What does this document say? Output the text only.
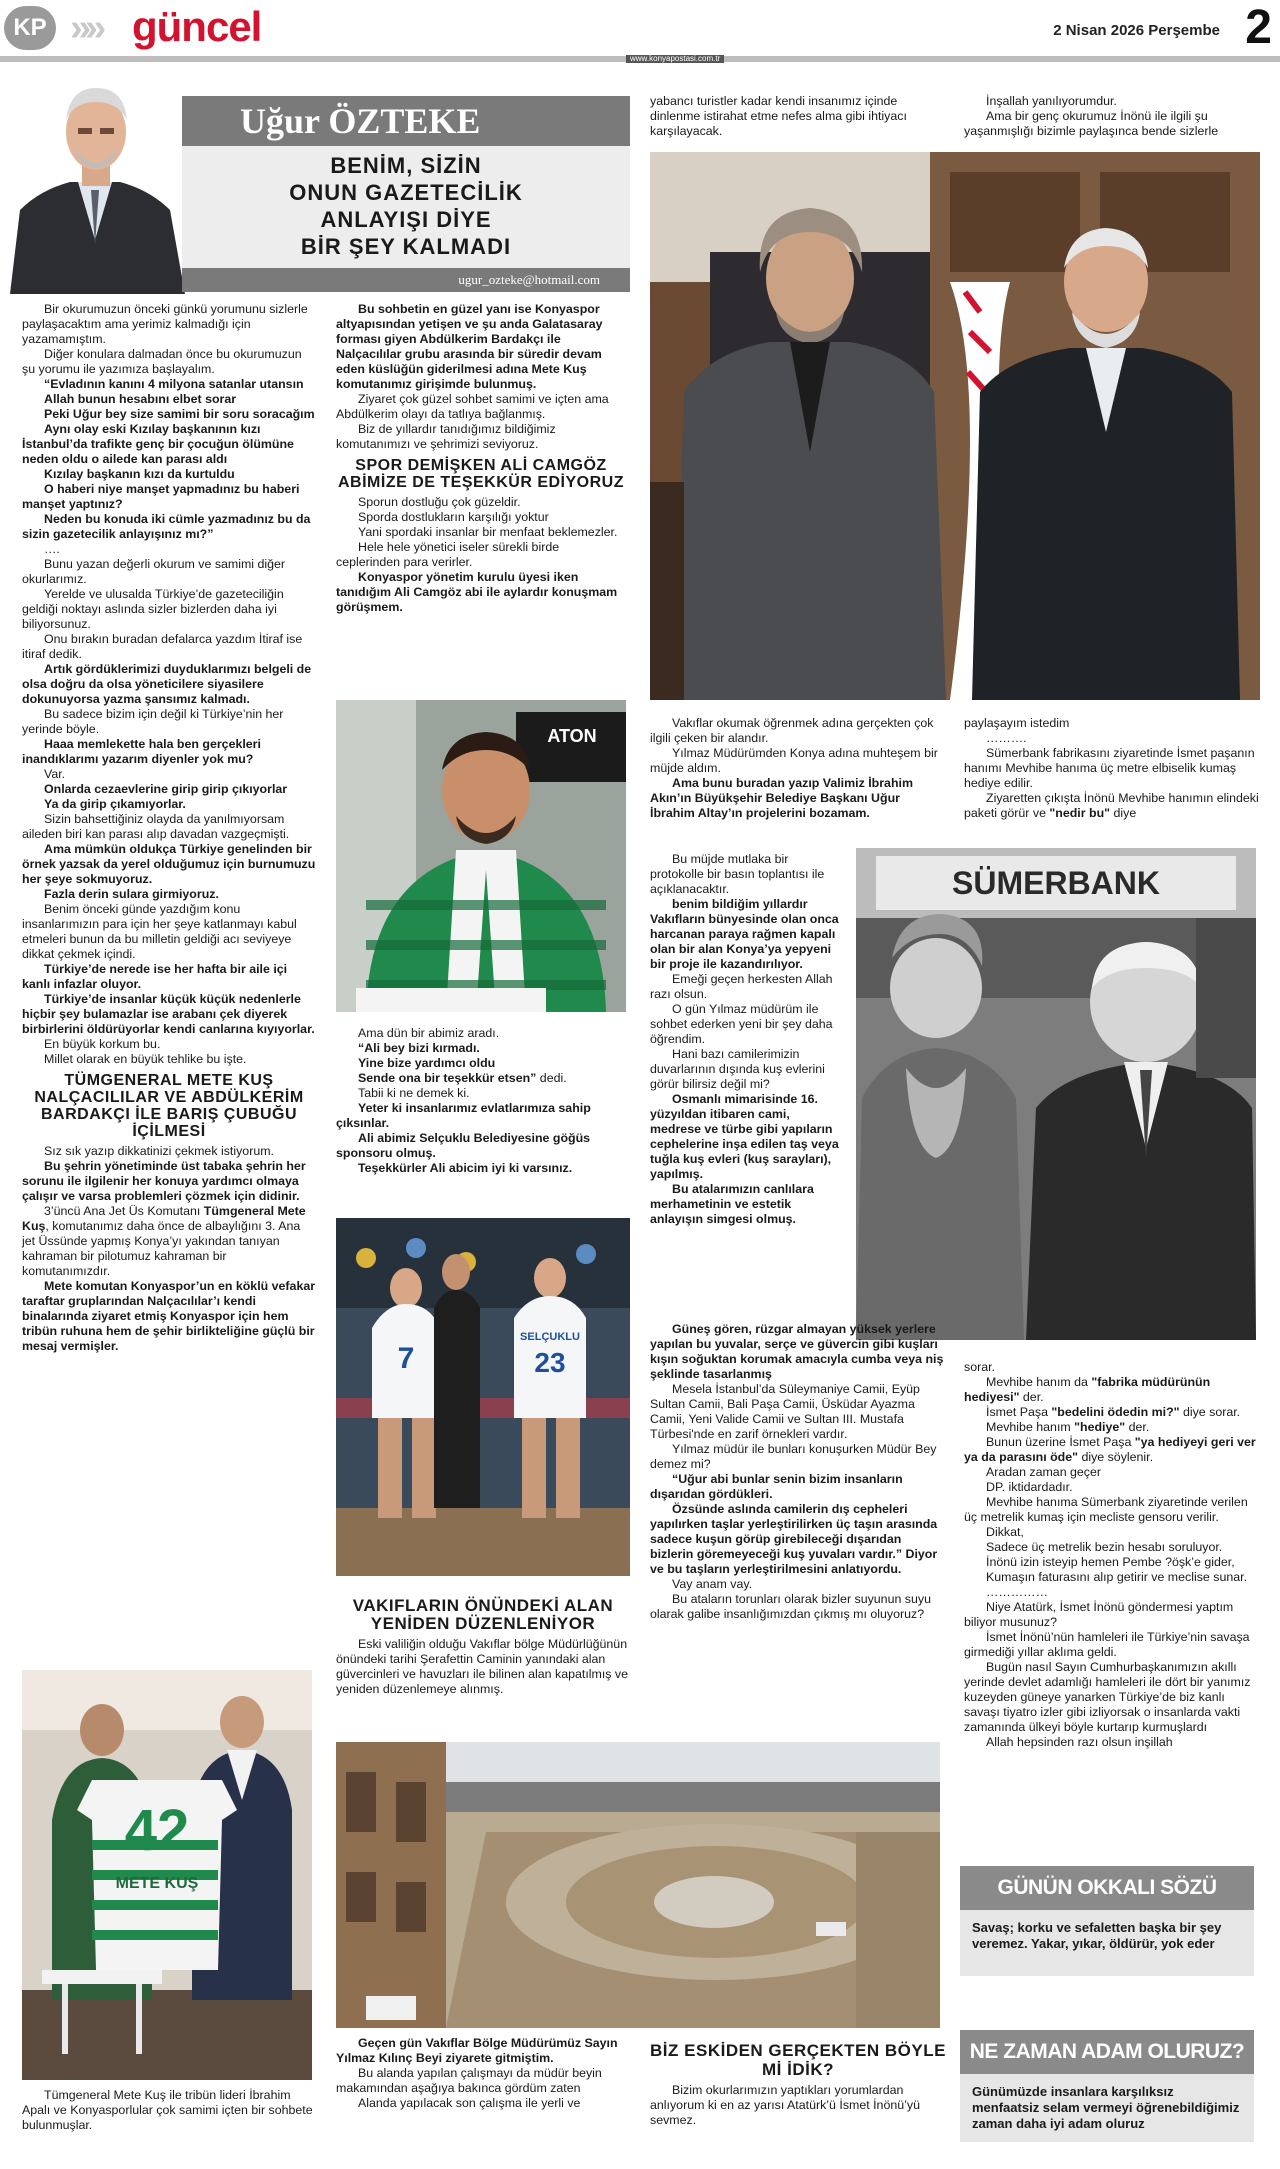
KP »» güncel	2 Nisan 2026 Perşembe 2
www.konyapostasi.com.tr
Uğur ÖZTEKE
BENİM, SİZİN
ONUN GAZETECİLİK
ANLAYIŞI DİYE
BİR ŞEY KALMADI
ugur_ozteke@hotmail.com

Bir okurumuzun önceki günkü yorumunu sizlerle paylaşacaktım ama yerimiz kalmadığı için yazamamıştım.

Diğer konulara dalmadan önce bu okurumuzun şu yorumu ile yazımıza başlayalım.

“Evladının kanını 4 milyona satanlar utansın

Allah bunun hesabını elbet sorar

Peki Uğur bey size samimi bir soru soracağım

Aynı olay eski Kızılay başkanının kızı İstanbul’da trafikte genç bir çocuğun ölümüne neden oldu o ailede kan parası aldı

Kızılay başkanın kızı da kurtuldu

O haberi niye manşet yapmadınız bu haberi manşet yaptınız?

Neden bu konuda iki cümle yazmadınız bu da sizin gazetecilik anlayışınız mı?”

….

Bunu yazan değerli okurum ve samimi diğer okurlarımız.

Yerelde ve ulusalda Türkiye’de gazeteciliğin geldiği noktayı aslında sizler bizlerden daha iyi biliyorsunuz.

Onu bırakın buradan defalarca yazdım İtiraf ise itiraf dedik.

Artık gördüklerimizi duyduklarımızı belgeli de olsa doğru da olsa yöneticilere siyasilere dokunuyorsa yazma şansımız kalmadı.

Bu sadece bizim için değil ki Türkiye’nin her yerinde böyle.

Haaa memlekette hala ben gerçekleri inandıklarımı yazarım diyenler yok mu?

Var.

Onlarda cezaevlerine girip girip çıkıyorlar

Ya da girip çıkamıyorlar.

Sizin bahsettiğiniz olayda da yanılmıyorsam aileden biri kan parası alıp davadan vazgeçmişti.

Ama mümkün oldukça Türkiye genelinden bir örnek yazsak da yerel olduğumuz için burnumuzu her şeye sokmuyoruz.

Fazla derin sulara girmiyoruz.

Benim önceki günde yazdığım konu insanlarımızın para için her şeye katlanmayı kabul etmeleri bunun da bu milletin geldiği acı seviyeye dikkat çekmek içindi.

Türkiye’de nerede ise her hafta bir aile içi kanlı infazlar oluyor.

Türkiye’de insanlar küçük küçük nedenlerle hiçbir şey bulamazlar ise arabanı çek diyerek birbirlerini öldürüyorlar kendi canlarına kıyıyorlar.

En büyük korkum bu.

Millet olarak en büyük tehlike bu işte.

TÜMGENERAL METE KUŞ NALÇACILILAR VE ABDÜLKERİM BARDAKÇI İLE BARIŞ ÇUBUĞU İÇİLMESİ

Sız sık yazıp dikkatinizi çekmek istiyorum.

Bu şehrin yönetiminde üst tabaka şehrin her sorunu ile ilgilenir her konuya yardımcı olmaya çalışır ve varsa problemleri çözmek için didinir.

3’üncü Ana Jet Üs Komutanı Tümgeneral Mete Kuş, komutanımız daha önce de albaylığını 3. Ana jet Üssünde yapmış Konya’yı yakından tanıyan kahraman bir pilotumuz kahraman bir komutanımızdır.

Mete komutan Konyaspor’un en köklü vefakar taraftar gruplarından Nalçacılılar’ı kendi binalarında ziyaret etmiş Konyaspor için hem tribün ruhuna hem de şehir birlikteliğine güçlü bir mesaj vermişler.

42
METE KUŞ
Tümgeneral Mete Kuş ile tribün lideri İbrahim Apalı ve Konyasporlular çok samimi içten bir sohbete bulunmuşlar.

Bu sohbetin en güzel yanı ise Konyaspor altyapısından yetişen ve şu anda Galatasaray forması giyen Abdülkerim Bardakçı ile Nalçacılılar grubu arasında bir süredir devam eden küslüğün giderilmesi adına Mete Kuş komutanımız girişimde bulunmuş.

Ziyaret çok güzel sohbet samimi ve içten ama Abdülkerim olayı da tatlıya bağlanmış.

Biz de yıllardır tanıdığımız bildiğimiz komutanımızı ve şehrimizi seviyoruz.

SPOR DEMİŞKEN ALİ CAMGÖZ ABİMİZE DE TEŞEKKÜR EDİYORUZ

Sporun dostluğu çok güzeldir.

Sporda dostlukların karşılığı yoktur

Yani spordaki insanlar bir menfaat beklemezler.

Hele hele yönetici iseler sürekli birde ceplerinden para verirler.

Konyaspor yönetim kurulu üyesi iken tanıdığım Ali Camgöz abi ile aylardır konuşmam görüşmem.

ATON

Ama dün bir abimiz aradı.

“Ali bey bizi kırmadı.

Yine bize yardımcı oldu

Sende ona bir teşekkür etsen” dedi.

Tabii ki ne demek ki.

Yeter ki insanlarımız evlatlarımıza sahip çıksınlar.

Ali abimiz Selçuklu Belediyesine göğüs sponsoru olmuş.

Teşekkürler Ali abicim iyi ki varsınız.

7
SELÇUKLU
23
VAKIFLARIN ÖNÜNDEKİ ALAN YENİDEN DÜZENLENİYOR

Eski valiliğin olduğu Vakıflar bölge Müdürlüğünün önündeki tarihi Şerafettin Caminin yanındaki alan güvercinleri ve havuzları ile bilinen alan kapatılmış ve yeniden düzenlemeye alınmış.

Geçen gün Vakıflar Bölge Müdürümüz Sayın Yılmaz Kılınç Beyi ziyarete gitmiştim.

Bu alanda yapılan çalışmayı da müdür beyin makamından aşağıya bakınca gördüm zaten

Alanda yapılacak son çalışma ile yerli ve

yabancı turistler kadar kendi insanımız içinde dinlenme istirahat etme nefes alma gibi ihtiyacı karşılayacak.

Vakıflar okumak öğrenmek adına gerçekten çok ilgili çeken bir alandır.

Yılmaz Müdürümden Konya adına muhteşem bir müjde aldım.

Ama bunu buradan yazıp Valimiz İbrahim Akın’ın Büyükşehir Belediye Başkanı Uğur İbrahim Altay’ın projelerini bozamam.

Bu müjde mutlaka bir protokolle bir basın toplantısı ile açıklanacaktır.

benim bildiğim yıllardır Vakıfların bünyesinde olan onca harcanan paraya rağmen kapalı olan bir alan Konya’ya yepyeni bir proje ile kazandırılıyor.

Emeği geçen herkesten Allah razı olsun.

O gün Yılmaz müdürüm ile sohbet ederken yeni bir şey daha öğrendim.

Hani bazı camilerimizin duvarlarının dışında kuş evlerini görür bilirsiz değil mi?

Osmanlı mimarisinde 16. yüzyıldan itibaren cami, medrese ve türbe gibi yapıların cephelerine inşa edilen taş veya tuğla kuş evleri (kuş sarayları), yapılmış.

Bu atalarımızın canlılara merhametinin ve estetik anlayışın simgesi olmuş.

SÜMERBANK

Güneş gören, rüzgar almayan yüksek yerlere yapılan bu yuvalar, serçe ve güvercin gibi kuşları kışın soğuktan korumak amacıyla cumba veya niş şeklinde tasarlanmış

Mesela İstanbul’da Süleymaniye Camii, Eyüp Sultan Camii, Bali Paşa Camii, Üsküdar Ayazma Camii, Yeni Valide Camii ve Sultan III. Mustafa Türbesi'nde en zarif örnekleri vardır.

Yılmaz müdür ile bunları konuşurken Müdür Bey demez mi?

“Uğur abi bunlar senin bizim insanların dışarıdan gördükleri.

Özsünde aslında camilerin dış cepheleri yapılırken taşlar yerleştirilirken üç taşın arasında sadece kuşun görüp girebileceği dışarıdan bizlerin göremeyeceği kuş yuvaları vardır.” Diyor ve bu taşların yerleştirilmesini anlatıyordu.

Vay anam vay.

Bu ataların torunları olarak bizler suyunun suyu olarak galibe insanlığımızdan çıkmış mı oluyoruz?

BİZ ESKİDEN GERÇEKTEN BÖYLE Mİ İDİK?

Bizim okurlarımızın yaptıkları yorumlardan anlıyorum ki en az yarısı Atatürk’ü İsmet İnönü’yü sevmez.

İnşallah yanılıyorumdur.

Ama bir genç okurumuz İnönü ile ilgili şu yaşanmışlığı bizimle paylaşınca bende sizlerle

paylaşayım istedim

……….

Sümerbank fabrikasını ziyaretinde İsmet paşanın hanımı Mevhibe hanıma üç metre elbiselik kumaş hediye edilir.

Ziyaretten çıkışta İnönü Mevhibe hanımın elindeki paketi görür ve "nedir bu" diye

sorar.

Mevhibe hanım da "fabrika müdürünün hediyesi" der.

İsmet Paşa "bedelini ödedin mi?" diye sorar.

Mevhibe hanım "hediye" der.

Bunun üzerine İsmet Paşa "ya hediyeyi geri ver ya da parasını öde" diye söylenir.

Aradan zaman geçer

DP. iktidardadır.

Mevhibe hanıma Sümerbank ziyaretinde verilen üç metrelik kumaş için mecliste gensoru verilir.

Dikkat,

Sadece üç metrelik bezin hesabı soruluyor.

İnönü izin isteyip hemen Pembe ?öşk’e gider,

Kumaşın faturasını alıp getirir ve meclise sunar.

……………

Niye Atatürk, İsmet İnönü göndermesi yaptım biliyor musunuz?

İsmet İnönü’nün hamleleri ile Türkiye’nin savaşa girmediği yıllar aklıma geldi.

Bugün nasıl Sayın Cumhurbaşkanımızın akıllı yerinde devlet adamlığı hamleleri ile dört bir yanımız kuzeyden güneye yanarken Türkiye’de biz kanlı savaşı tiyatro izler gibi izliyorsak o insanlarda vakti zamanında ülkeyi böyle kurtarıp kurmuşlardı

Allah hepsinden razı olsun inşillah

GÜNÜN OKKALI SÖZÜ
Savaş; korku ve sefaletten başka bir şey veremez. Yakar, yıkar, öldürür, yok eder
NE ZAMAN ADAM OLURUZ?
Günümüzde insanlara karşılıksız menfaatsiz selam vermeyi öğrenebildiğimiz zaman daha iyi adam oluruz
